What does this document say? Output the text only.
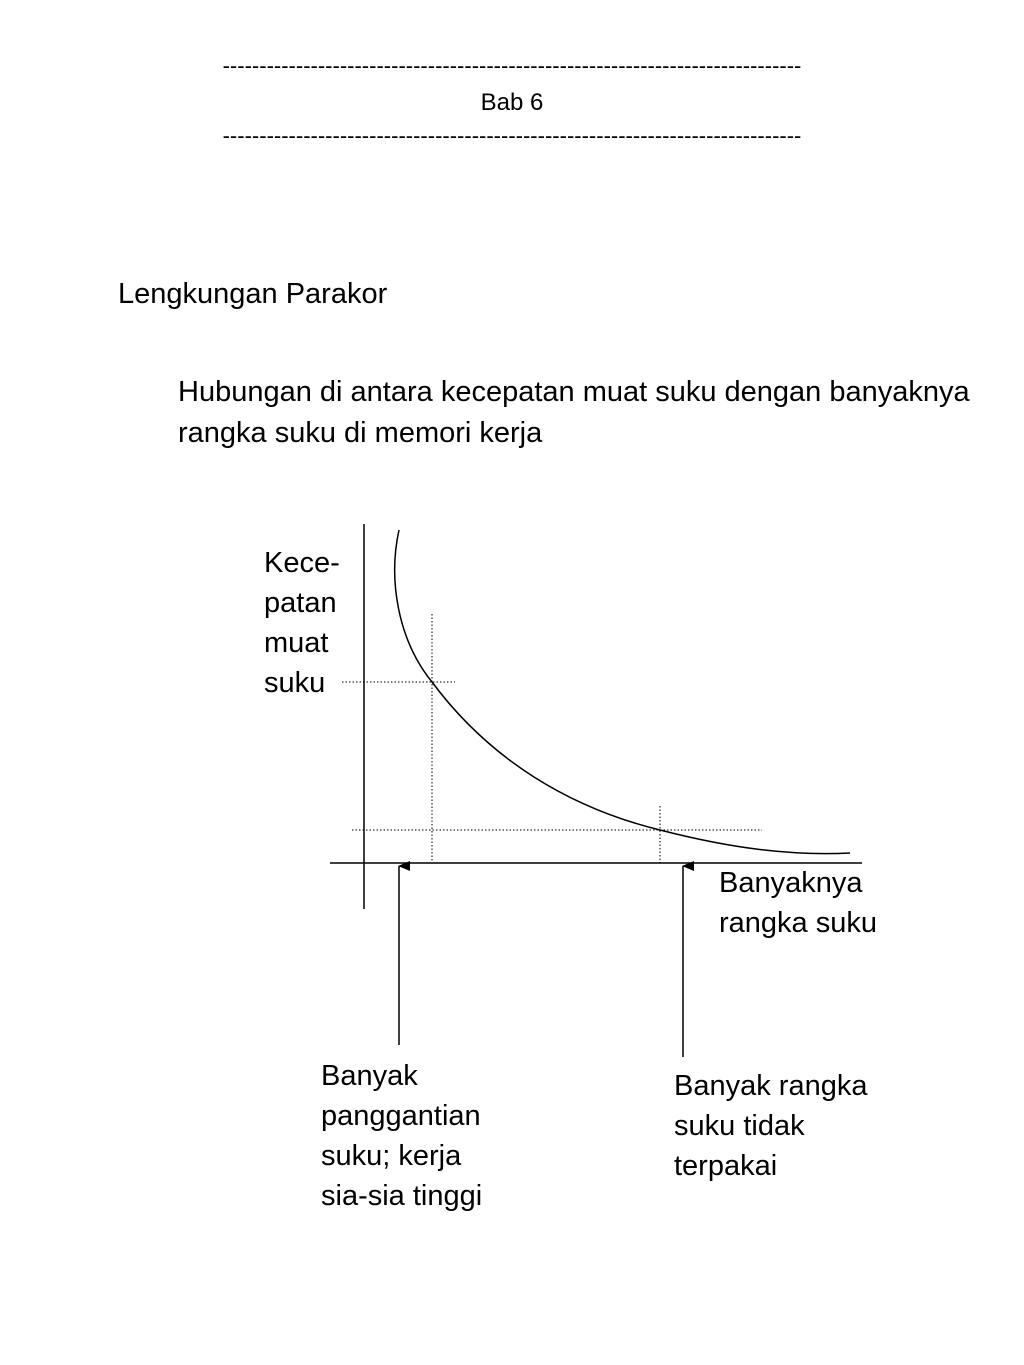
-------------------------------------------------------------------------------
Bab 6
-------------------------------------------------------------------------------
Lengkungan Parakor
Hubungan di antara kecepatan muat suku dengan banyaknya rangka suku di memori kerja
Kece-
patan
muat
suku
Banyaknya
rangka suku
Banyak
panggantian
suku; kerja
sia-sia tinggi
Banyak rangka
suku tidak
terpakai
